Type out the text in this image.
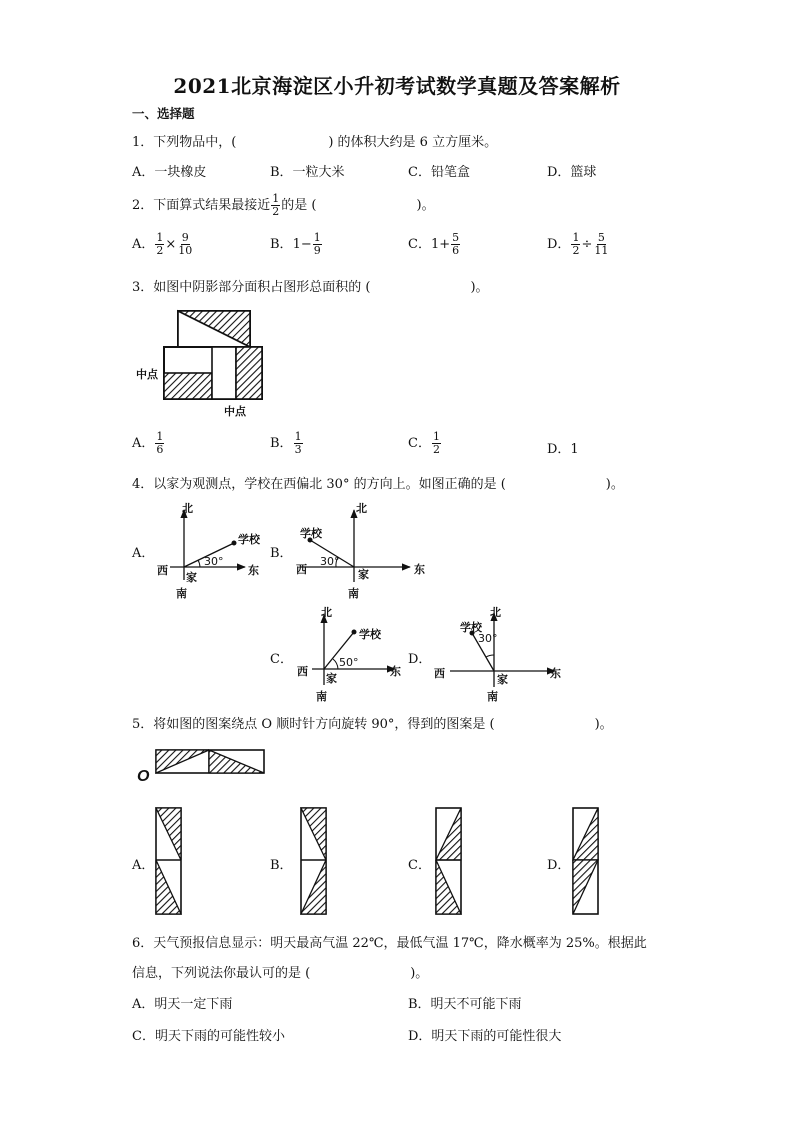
2021北京海淀区小升初考试数学真题及答案解析
一、选择题
1．下列物品中，(	) 的体积大约是 6 立方厘米。
A．一块橡皮	B．一粒大米	C．铅笔盒	D．篮球
2．下面算式结果最接近 $\frac{1}{2}$ 的是 (	)。
A． $\frac{1}{2} \times \frac{9}{10}$	B．$1- \frac{1}{9}$	C．$1+ \frac{5}{6}$	D． $\frac{1}{2} \div \frac{5}{11}$
3．如图中阴影部分面积占图形总面积的 (	)。
中点
中点
A． $\frac{1}{6}$	B． $\frac{1}{3}$	C． $\frac{1}{2}$	D．1
4．以家为观测点，学校在西偏北 30° 的方向上。如图正确的是 (	)。
A．
北
西	东
南
家
学校
30°
B．
北
西	东
南
家
学校
30°
C．
北
西	东
南
家
学校
50°	D．
北
西	东
南
家
学校
30°
5．将如图的图案绕点 O 顺时针方向旋转 90°，得到的图案是 (	)。
O
A．	B．	C．	D．
6．天气预报信息显示：明天最高气温 22℃，最低气温 17℃，降水概率为 25%。根据此
信息，下列说法你最认可的是 (	)。
A．明天一定下雨	B．明天不可能下雨
C．明天下雨的可能性较小	D．明天下雨的可能性很大
